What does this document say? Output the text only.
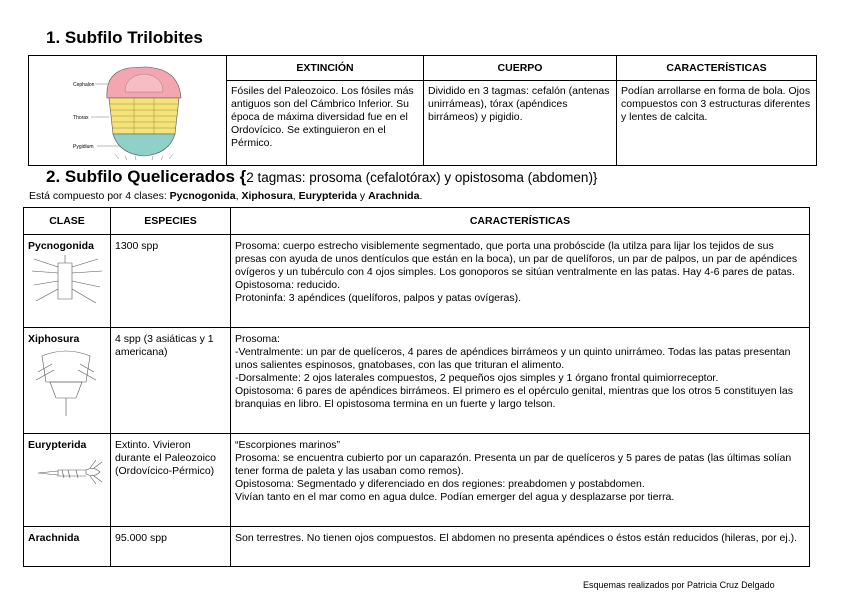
1. Subfilo Trilobites
Cephalon
Thorax
Pygidium	EXTINCIÓN	CUERPO	CARACTERÍSTICAS
	Fósiles del Paleozoico. Los fósiles más antiguos son del Cámbrico Inferior. Su época de máxima diversidad fue en el Ordovícico. Se extinguieron en el Pérmico.	Dividido en 3 tagmas: cefalón (antenas unirrámeas), tórax (apéndices birrámeos) y pigidio.	Podían arrollarse en forma de bola. Ojos compuestos con 3 estructuras diferentes y lentes de calcita.
2. Subfilo Quelicerados {2 tagmas: prosoma (cefalotórax) y opistosoma (abdomen)}
Está compuesto por 4 clases: Pycnogonida, Xiphosura, Eurypterida y Arachnida.
CLASE	ESPECIES	CARACTERÍSTICAS

Pycnogonida	1300 spp	Prosoma: cuerpo estrecho visiblemente segmentado, que porta una probóscide (la utilza para lijar los tejidos de sus presas con ayuda de unos dentículos que están en la boca), un par de quelíforos, un par de palpos, un par de apéndices ovígeros y un tubérculo con 4 ojos simples. Los gonoporos se sitúan ventralmente en las patas. Hay 4-6 pares de patas.
Opistosoma: reducido.
Protoninfa: 3 apéndices (quelíforos, palpos y patas ovígeras).

Xiphosura	4 spp (3 asiáticas y 1 americana)	Prosoma:
-Ventralmente: un par de quelíceros, 4 pares de apéndices birrámeos y un quinto unirrámeo. Todas las patas presentan unos salientes espinosos, gnatobases, con las que trituran el alimento.
-Dorsalmente: 2 ojos laterales compuestos, 2 pequeños ojos simples y 1 órgano frontal quimiorreceptor.
Opistosoma: 6 pares de apéndices birrámeos. El primero es el opérculo genital, mientras que los otros 5 constituyen las branquias en libro. El opistosoma termina en un fuerte y largo telson.

Eurypterida	Extinto. Vivieron durante el Paleozoico (Ordovícico-Pérmico)	“Escorpiones marinos”
Prosoma: se encuentra cubierto por un caparazón. Presenta un par de quelíceros y 5 pares de patas (las últimas solían tener forma de paleta y las usaban como remos).
Opistosoma: Segmentado y diferenciado en dos regiones: preabdomen y postabdomen.
Vivían tanto en el mar como en agua dulce. Podían emerger del agua y desplazarse por tierra.

Arachnida	95.000 spp	Son terrestres. No tienen ojos compuestos. El abdomen no presenta apéndices o éstos están reducidos (hileras, por ej.).
Esquemas realizados por Patricia Cruz Delgado
